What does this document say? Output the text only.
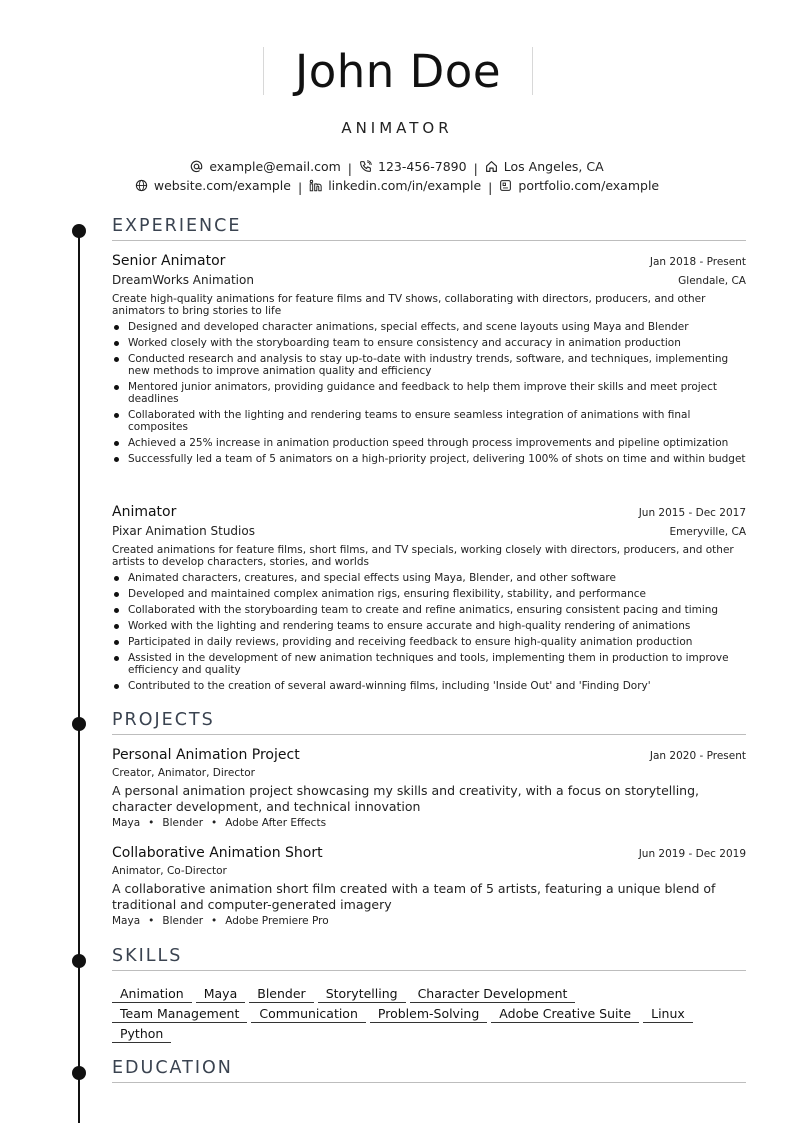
John Doe
ANIMATOR
example@email.com | 123-456-7890 | Los Angeles, CA
website.com/example | linkedin.com/in/example | portfolio.com/example
EXPERIENCE
Senior Animator	Jan 2018 - Present
DreamWorks Animation	Glendale, CA
Create high-quality animations for feature films and TV shows, collaborating with directors, producers, and other animators to bring stories to life
Designed and developed character animations, special effects, and scene layouts using Maya and Blender
Worked closely with the storyboarding team to ensure consistency and accuracy in animation production
Conducted research and analysis to stay up-to-date with industry trends, software, and techniques, implementing new methods to improve animation quality and efficiency
Mentored junior animators, providing guidance and feedback to help them improve their skills and meet project deadlines
Collaborated with the lighting and rendering teams to ensure seamless integration of animations with final composites
Achieved a 25% increase in animation production speed through process improvements and pipeline optimization
Successfully led a team of 5 animators on a high-priority project, delivering 100% of shots on time and within budget
Animator	Jun 2015 - Dec 2017
Pixar Animation Studios	Emeryville, CA
Created animations for feature films, short films, and TV specials, working closely with directors, producers, and other artists to develop characters, stories, and worlds
Animated characters, creatures, and special effects using Maya, Blender, and other software
Developed and maintained complex animation rigs, ensuring flexibility, stability, and performance
Collaborated with the storyboarding team to create and refine animatics, ensuring consistent pacing and timing
Worked with the lighting and rendering teams to ensure accurate and high-quality rendering of animations
Participated in daily reviews, providing and receiving feedback to ensure high-quality animation production
Assisted in the development of new animation techniques and tools, implementing them in production to improve efficiency and quality
Contributed to the creation of several award-winning films, including 'Inside Out' and 'Finding Dory'
PROJECTS
Personal Animation Project	Jan 2020 - Present
Creator, Animator, Director
A personal animation project showcasing my skills and creativity, with a focus on storytelling, character development, and technical innovation
Maya • Blender • Adobe After Effects
Collaborative Animation Short	Jun 2019 - Dec 2019
Animator, Co-Director
A collaborative animation short film created with a team of 5 artists, featuring a unique blend of traditional and computer-generated imagery
Maya • Blender • Adobe Premiere Pro
SKILLS
Animation Maya Blender Storytelling Character Development
Team Management Communication Problem-Solving Adobe Creative Suite Linux
Python
EDUCATION
